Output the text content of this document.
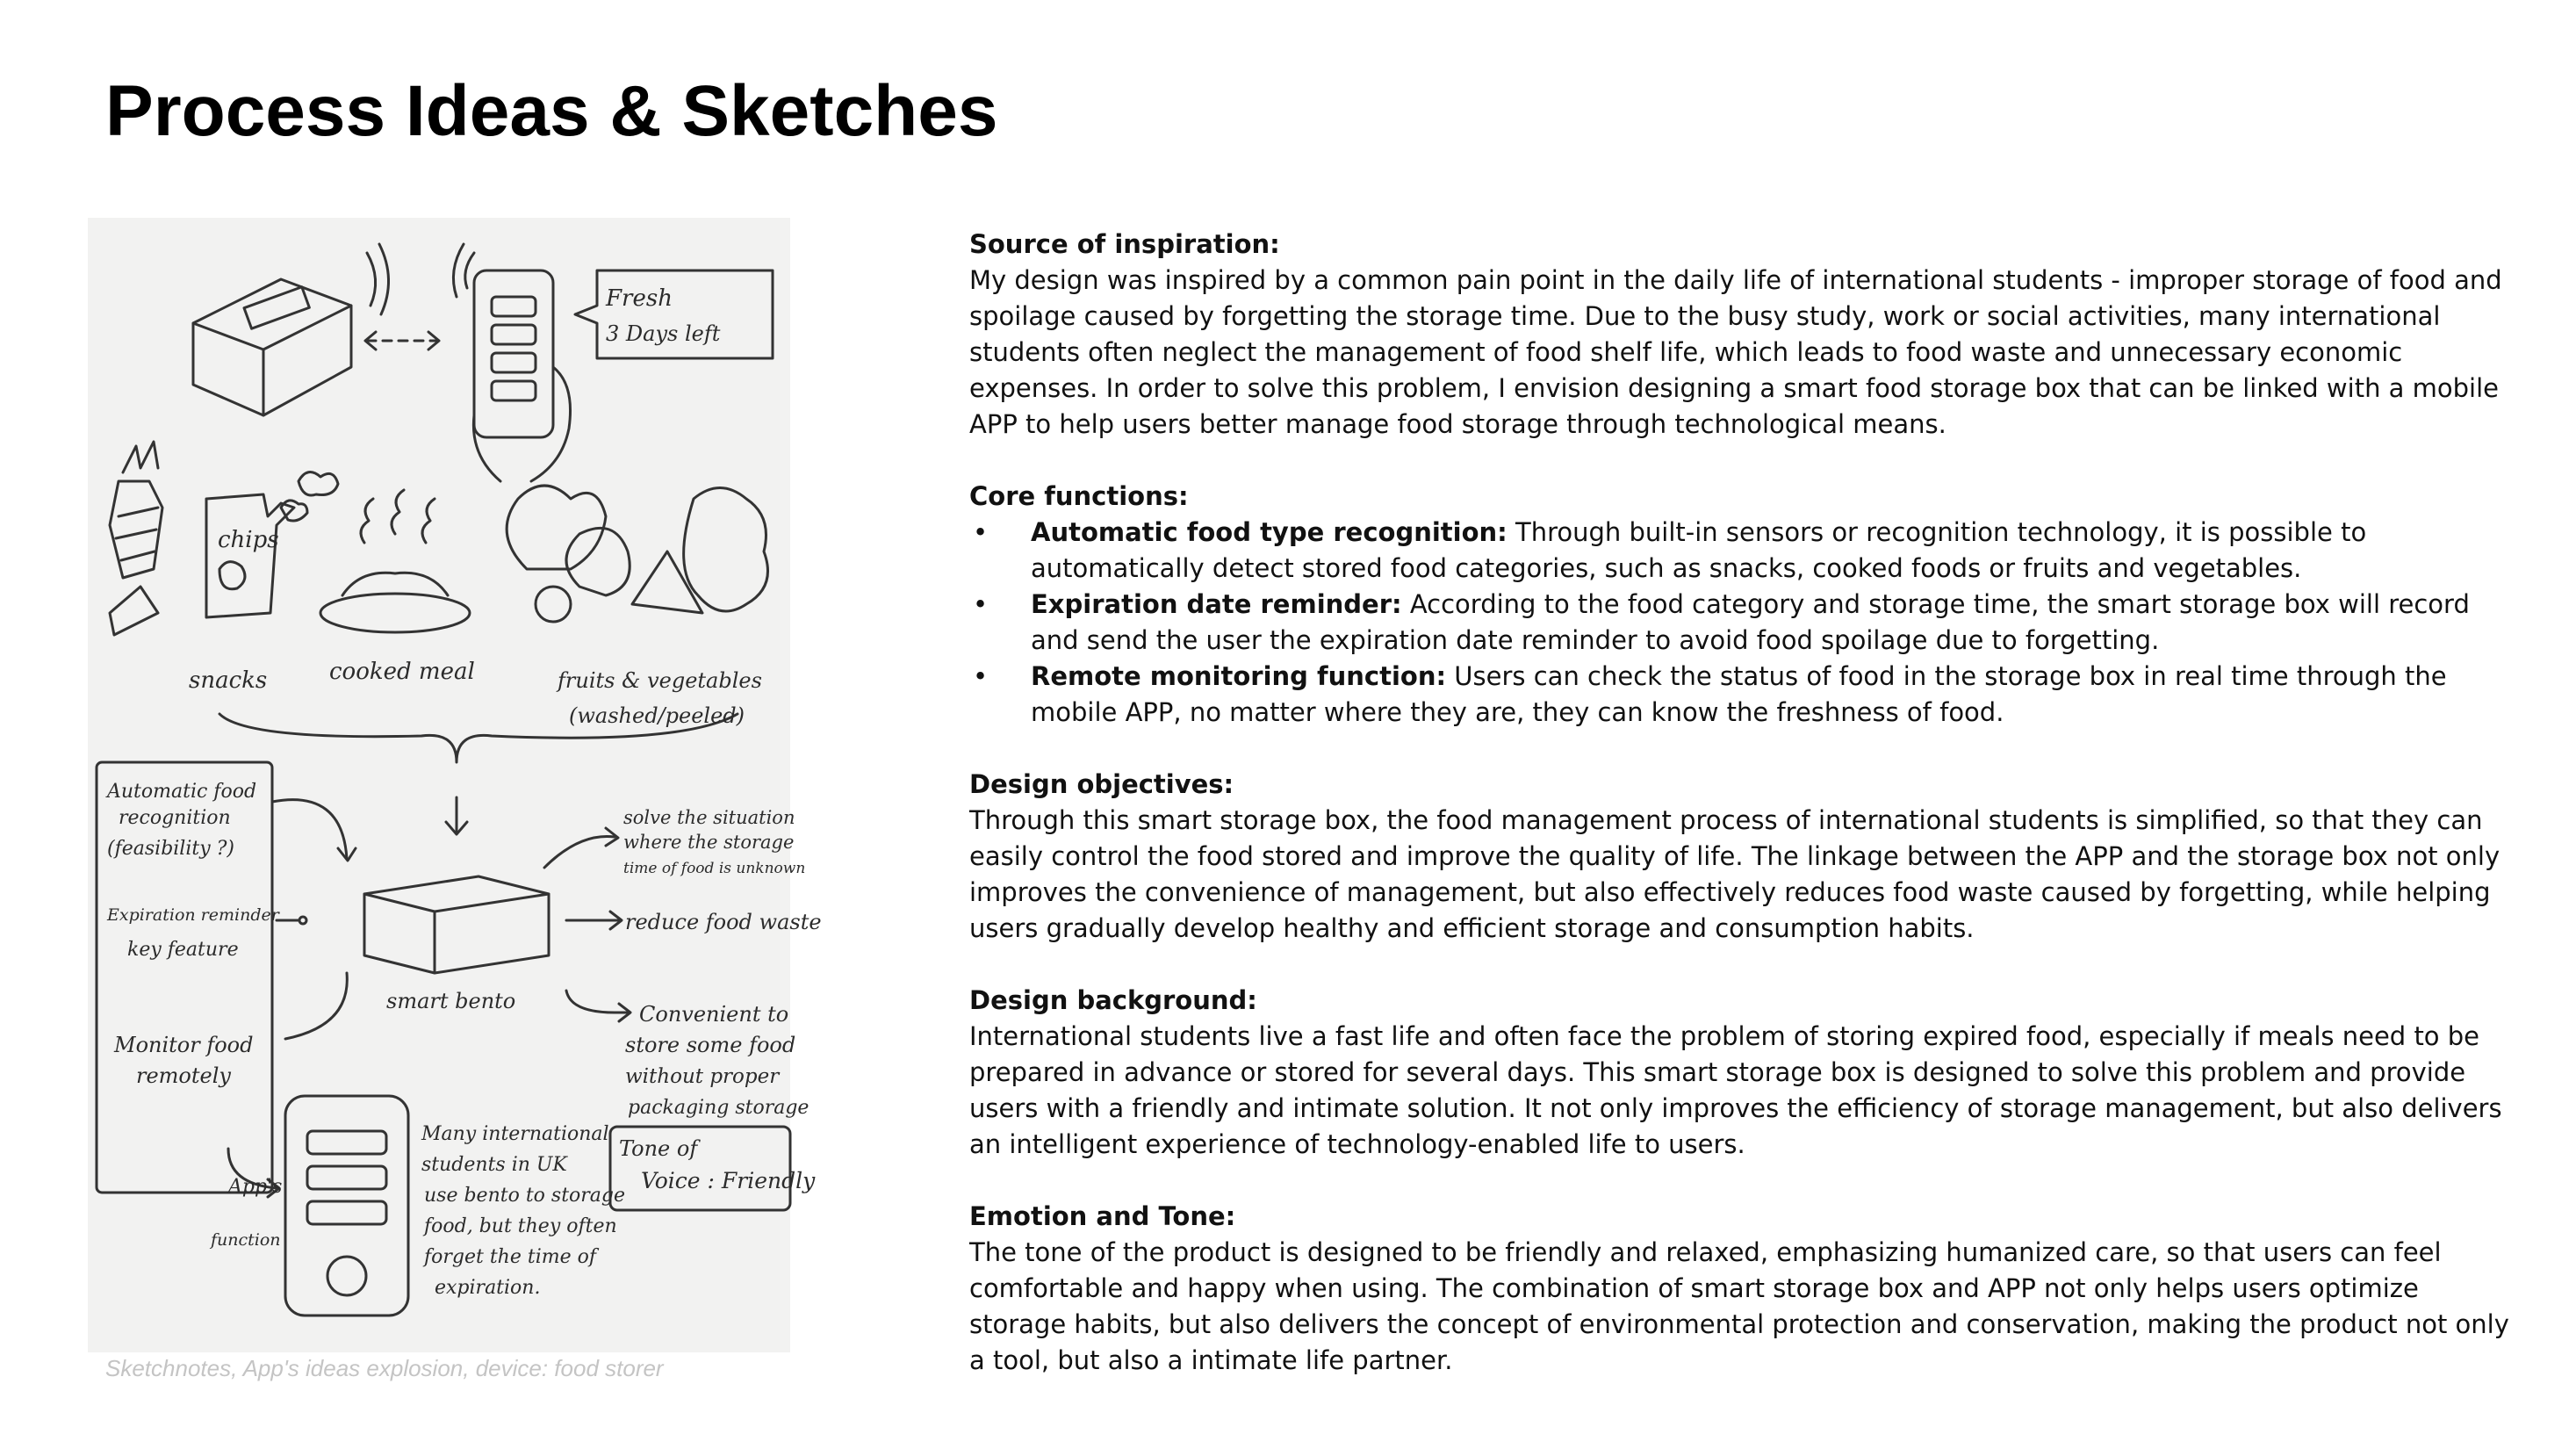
Process Ideas & Sketches
Fresh
3 Days left
chips
snacks	cooked meal	fruits & vegetables
(washed/peeled)
Automatic food
recognition
(feasibility ?)
Expiration reminder
key feature
Monitor food
remotely
smart bento
solve the situation
where the storage
time of food is unknown
reduce food waste
Convenient to
store some food
without proper
packaging storage
Tone of
Voice : Friendly
Many international
students in UK
use bento to storage
food, but they often
forget the time of
expiration.
App's
function
Sketchnotes, App's ideas explosion, device: food storer
Source of inspiration:
My design was inspired by a common pain point in the daily life of international students - improper storage of food and spoilage caused by forgetting the storage time. Due to the busy study, work or social activities, many international students often neglect the management of food shelf life, which leads to food waste and unnecessary economic expenses. In order to solve this problem, I envision designing a smart food storage box that can be linked with a mobile APP to help users better manage food storage through technological means.
Core functions:
• Automatic food type recognition: Through built-in sensors or recognition technology, it is possible to automatically detect stored food categories, such as snacks, cooked foods or fruits and vegetables.
• Expiration date reminder: According to the food category and storage time, the smart storage box will record and send the user the expiration date reminder to avoid food spoilage due to forgetting.
• Remote monitoring function: Users can check the status of food in the storage box in real time through the mobile APP, no matter where they are, they can know the freshness of food.
Design objectives:
Through this smart storage box, the food management process of international students is simplified, so that they can easily control the food stored and improve the quality of life. The linkage between the APP and the storage box not only improves the convenience of management, but also effectively reduces food waste caused by forgetting, while helping users gradually develop healthy and efficient storage and consumption habits.
Design background:
International students live a fast life and often face the problem of storing expired food, especially if meals need to be prepared in advance or stored for several days. This smart storage box is designed to solve this problem and provide users with a friendly and intimate solution. It not only improves the efficiency of storage management, but also delivers an intelligent experience of technology-enabled life to users.
Emotion and Tone:
The tone of the product is designed to be friendly and relaxed, emphasizing humanized care, so that users can feel comfortable and happy when using. The combination of smart storage box and APP not only helps users optimize storage habits, but also delivers the concept of environmental protection and conservation, making the product not only a tool, but also a intimate life partner.
